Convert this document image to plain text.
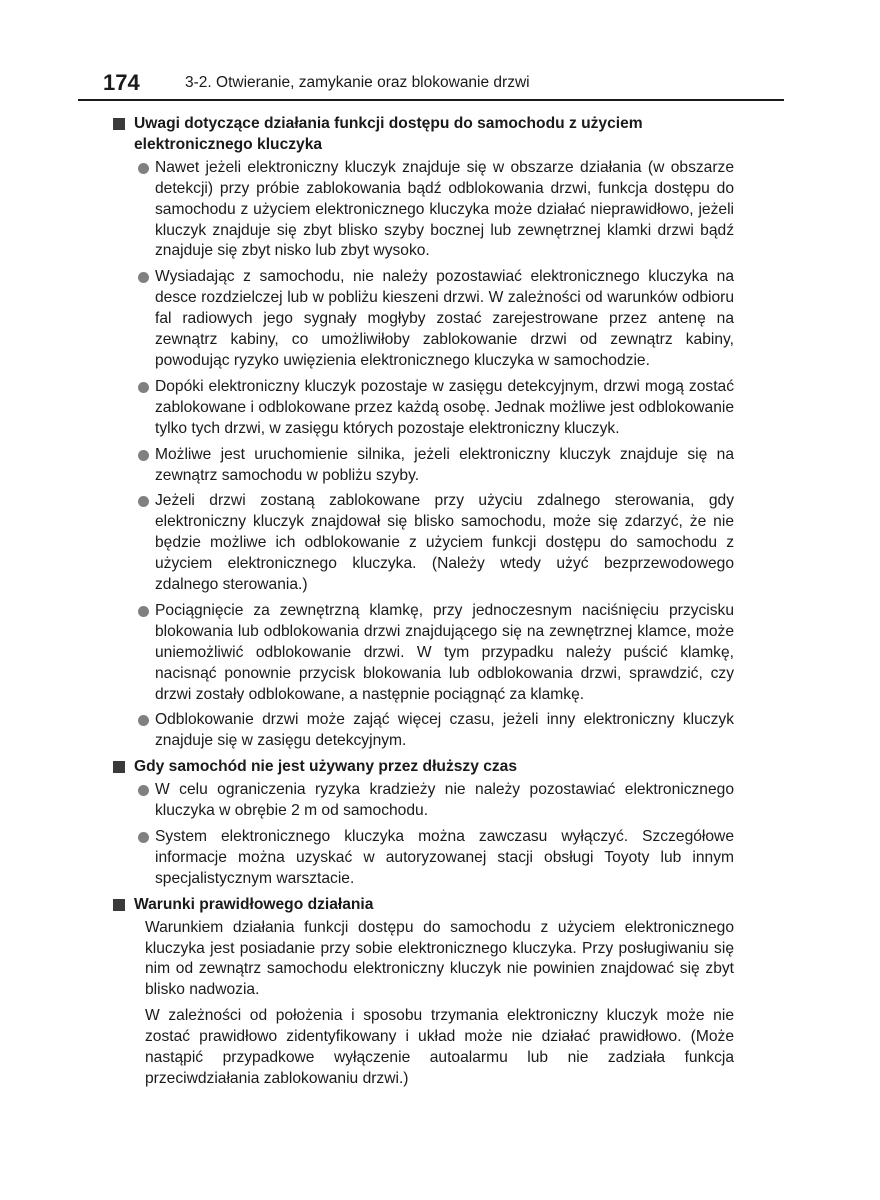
174	3-2. Otwieranie, zamykanie oraz blokowanie drzwi
Uwagi dotyczące działania funkcji dostępu do samochodu z użyciem elektronicznego kluczyka
Nawet jeżeli elektroniczny kluczyk znajduje się w obszarze działania (w obszarze detekcji) przy próbie zablokowania bądź odblokowania drzwi, funkcja dostępu do samochodu z użyciem elektronicznego kluczyka może działać nieprawidłowo, jeżeli kluczyk znajduje się zbyt blisko szyby bocznej lub zewnętrznej klamki drzwi bądź znajduje się zbyt nisko lub zbyt wysoko.
Wysiadając z samochodu, nie należy pozostawiać elektronicznego kluczyka na desce rozdzielczej lub w pobliżu kieszeni drzwi. W zależności od warunków odbioru fal radiowych jego sygnały mogłyby zostać zarejestrowane przez antenę na zewnątrz kabiny, co umożliwiłoby zablokowanie drzwi od zewnątrz kabiny, powodując ryzyko uwięzienia elektronicznego kluczyka w samochodzie.
Dopóki elektroniczny kluczyk pozostaje w zasięgu detekcyjnym, drzwi mogą zostać zablokowane i odblokowane przez każdą osobę. Jednak możliwe jest odblokowanie tylko tych drzwi, w zasięgu których pozostaje elektroniczny kluczyk.
Możliwe jest uruchomienie silnika, jeżeli elektroniczny kluczyk znajduje się na zewnątrz samochodu w pobliżu szyby.
Jeżeli drzwi zostaną zablokowane przy użyciu zdalnego sterowania, gdy elektroniczny kluczyk znajdował się blisko samochodu, może się zdarzyć, że nie będzie możliwe ich odblokowanie z użyciem funkcji dostępu do samochodu z użyciem elektronicznego kluczyka. (Należy wtedy użyć bezprzewodowego zdalnego sterowania.)
Pociągnięcie za zewnętrzną klamkę, przy jednoczesnym naciśnięciu przycisku blokowania lub odblokowania drzwi znajdującego się na zewnętrznej klamce, może uniemożliwić odblokowanie drzwi. W tym przypadku należy puścić klamkę, nacisnąć ponownie przycisk blokowania lub odblokowania drzwi, sprawdzić, czy drzwi zostały odblokowane, a następnie pociągnąć za klamkę.
Odblokowanie drzwi może zająć więcej czasu, jeżeli inny elektroniczny kluczyk znajduje się w zasięgu detekcyjnym.
Gdy samochód nie jest używany przez dłuższy czas
W celu ograniczenia ryzyka kradzieży nie należy pozostawiać elektronicznego kluczyka w obrębie 2 m od samochodu.
System elektronicznego kluczyka można zawczasu wyłączyć. Szczegółowe informacje można uzyskać w autoryzowanej stacji obsługi Toyoty lub innym specjalistycznym warsztacie.
Warunki prawidłowego działania
Warunkiem działania funkcji dostępu do samochodu z użyciem elektronicznego kluczyka jest posiadanie przy sobie elektronicznego kluczyka. Przy posługiwaniu się nim od zewnątrz samochodu elektroniczny kluczyk nie powinien znajdować się zbyt blisko nadwozia.
W zależności od położenia i sposobu trzymania elektroniczny kluczyk może nie zostać prawidłowo zidentyfikowany i układ może nie działać prawidłowo. (Może nastąpić przypadkowe wyłączenie autoalarmu lub nie zadziała funkcja przeciwdziałania zablokowaniu drzwi.)
